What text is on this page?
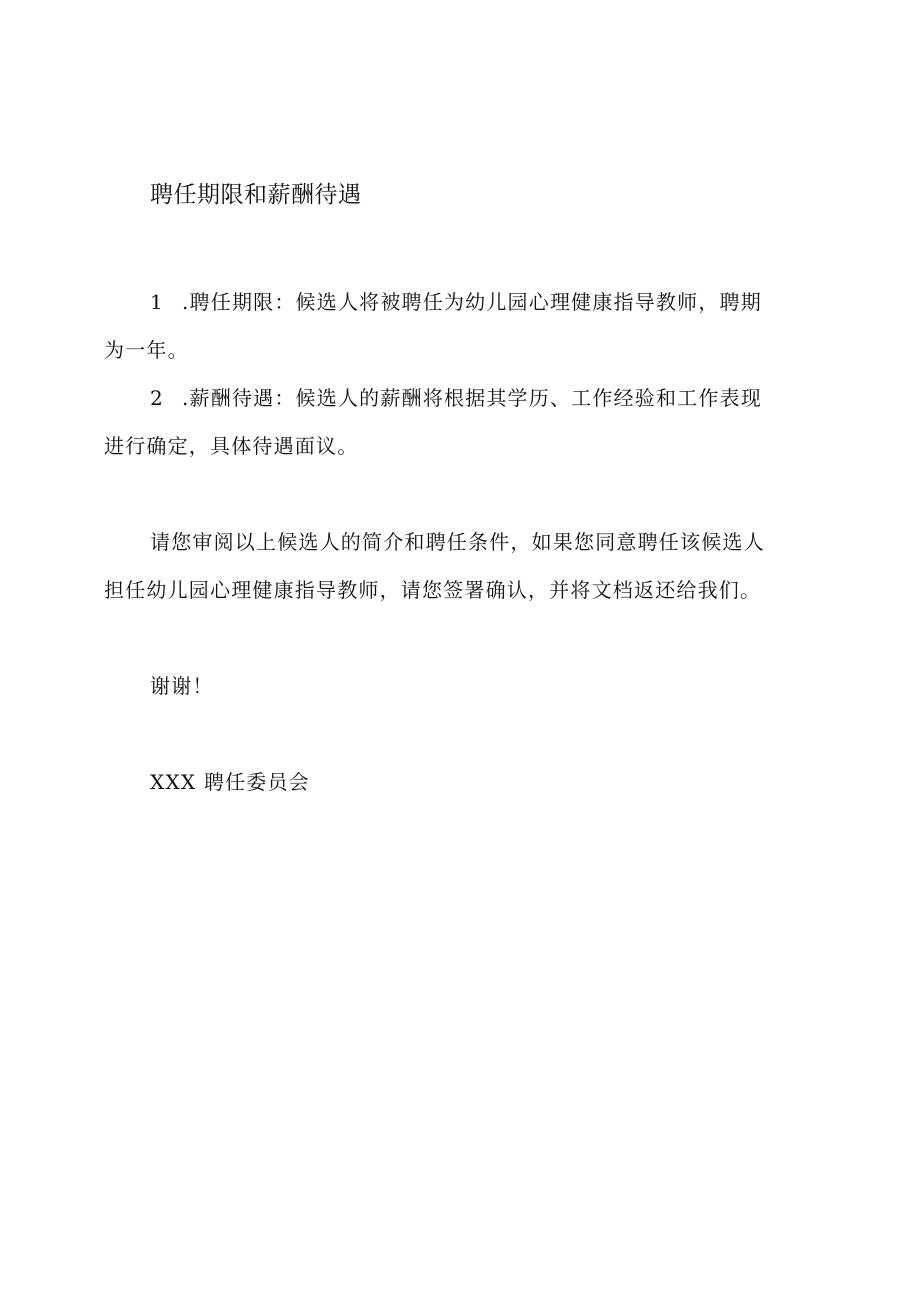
聘任期限和薪酬待遇
1 .聘任期限：候选人将被聘任为幼儿园心理健康指导教师，聘期
为一年。
2 .薪酬待遇：候选人的薪酬将根据其学历、工作经验和工作表现
进行确定，具体待遇面议。
请您审阅以上候选人的简介和聘任条件，如果您同意聘任该候选人
担任幼儿园心理健康指导教师，请您签署确认，并将文档返还给我们。
谢谢！
XXX 聘任委员会
